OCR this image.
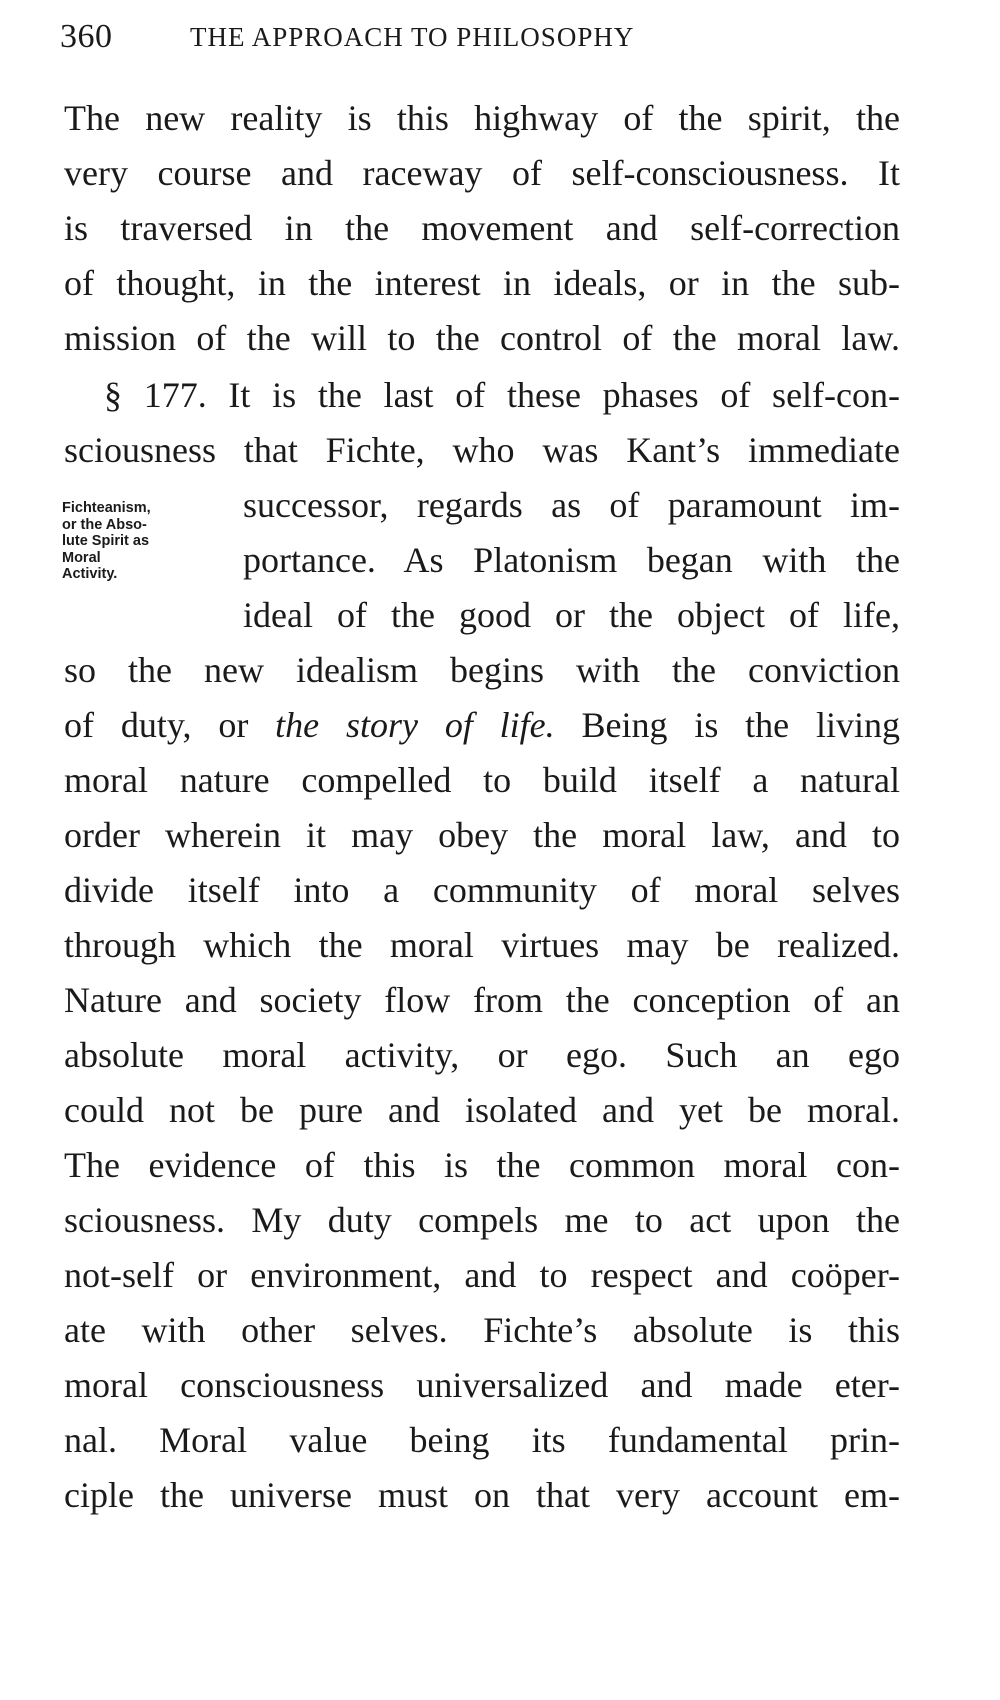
360	THE APPROACH TO PHILOSOPHY
Fichteanism,
or the Abso-
lute Spirit as
Moral
Activity.
The new reality is this highway of the spirit, the
very course and raceway of self-consciousness. It
is traversed in the movement and self-correction
of thought, in the interest in ideals, or in the sub-
mission of the will to the control of the moral law.
§ 177. It is the last of these phases of self-con-
sciousness that Fichte, who was Kant’s immediate
successor, regards as of paramount im-
portance. As Platonism began with the
ideal of the good or the object of life,
so the new idealism begins with the conviction
of duty, or the story of life. Being is the living
moral nature compelled to build itself a natural
order wherein it may obey the moral law, and to
divide itself into a community of moral selves
through which the moral virtues may be realized.
Nature and society flow from the conception of an
absolute moral activity, or ego. Such an ego
could not be pure and isolated and yet be moral.
The evidence of this is the common moral con-
sciousness. My duty compels me to act upon the
not-self or environment, and to respect and coöper-
ate with other selves. Fichte’s absolute is this
moral consciousness universalized and made eter-
nal. Moral value being its fundamental prin-
ciple the universe must on that very account em-
